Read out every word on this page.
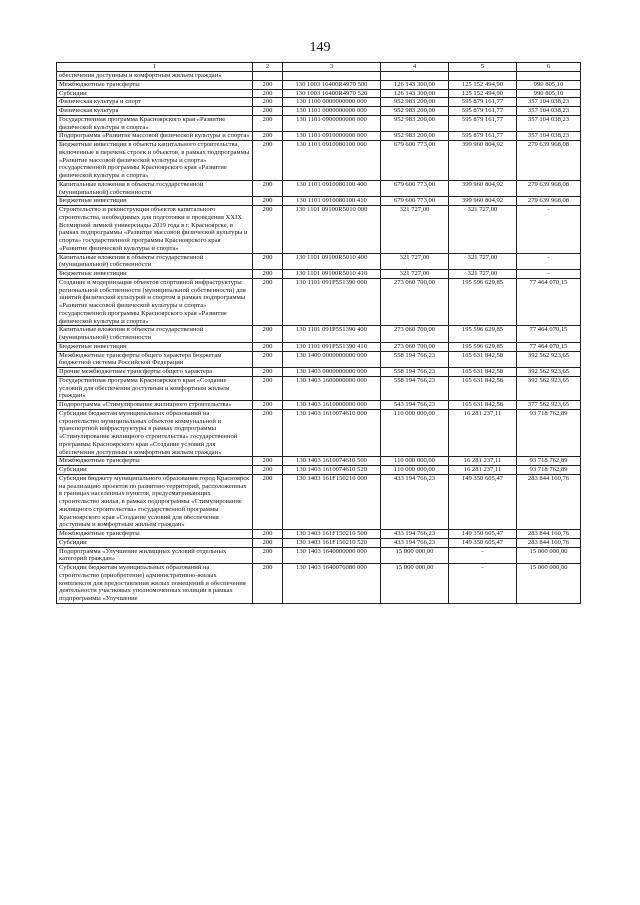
149
1	2	3	4	5	6
обеспечения доступным и комфортным жильем граждан»					
Межбюджетные трансферты	200	130 1003 16400R4970 500	126 143 300,00	125 152 494,90	990 805,10
Субсидии	200	130 1003 16400R4970 520	126 143 300,00	125 152 494,90	990 805,10
Физическая культура и спорт	200	130 1100 0000000000 000	952 983 200,00	595 879 161,77	357 104 038,23
Физическая культура	200	130 1101 0000000000 000	952 983 200,00	595 879 161,77	357 104 038,23
Государственная программа Красноярского края «Развитие физической культуры и спорта»	200	130 1101 0900000000 000	952 983 200,00	595 879 161,77	357 104 038,23
Подпрограмма «Развитие массовой физической культуры и спорта»	200	130 1101 0910000000 000	952 983 200,00	595 879 161,77	357 104 038,23
Бюджетные инвестиции в объекты капитального строительства, включенные в перечень строек и объектов, в рамках подпрограммы «Развитие массовой физической культуры и спорта» государственной программы Красноярского края «Развитие физической культуры и спорта»	200	130 1101 0910080100 000	679 600 773,00	399 960 804,92	279 639 968,08
Капитальные вложения в объекты государственной (муниципальной) собственности	200	130 1101 0910080100 400	679 600 773,00	399 960 804,92	279 639 968,08
Бюджетные инвестиции	200	130 1101 0910080100 410	679 600 773,00	399 960 804,92	279 639 968,08
Строительство и реконструкция объектов капитального строительства, необходимых для подготовки и проведения XXIX Всемирной зимней универсиады 2019 года в г. Красноярске, в рамках подпрограммы «Развитие массовой физической культуры и спорта» государственной программы Красноярского края «Развитие физической культуры и спорта»	200	130 1101 09100R5010 000	321 727,00	321 727,00	-
Капитальные вложения в объекты государственной (муниципальной) собственности	200	130 1101 09100R5010 400	321 727,00	321 727,00	-
Бюджетные инвестиции	200	130 1101 09100R5010 410	321 727,00	321 727,00	-
Создание и модернизация объектов спортивной инфраструктуры региональной собственности (муниципальной собственности) для занятий физической культурой и спортом в рамках подпрограммы «Развитие массовой физической культуры и спорта» государственной программы Красноярского края «Развитие физической культуры и спорта»	200	130 1101 091P551390 000	273 060 700,00	195 596 629,85	77 464 070,15
Капитальные вложения в объекты государственной (муниципальной) собственности	200	130 1101 091P551390 400	273 060 700,00	195 596 629,85	77 464 070,15
Бюджетные инвестиции	200	130 1101 091P551390 410	273 060 700,00	195 596 629,85	77 464 070,15
Межбюджетные трансферты общего характера бюджетам бюджетной системы Российской Федерации	200	130 1400 0000000000 000	558 194 766,23	165 631 842,58	392 562 923,65
Прочие межбюджетные трансферты общего характера	200	130 1403 0000000000 000	558 194 766,23	165 631 842,58	392 562 923,65
Государственная программа Красноярского края «Создание условий для обеспечения доступным и комфортным жильем граждан»	200	130 1403 1600000000 000	558 194 766,23	165 631 842,58	392 562 923,65
Подпрограмма «Стимулирование жилищного строительства»	200	130 1403 1610000000 000	543 194 766,23	165 631 842,58	377 562 923,65
Субсидии бюджетам муниципальных образований на строительство муниципальных объектов коммунальной и транспортной инфраструктуры в рамках подпрограммы «Стимулирование жилищного строительства» государственной программы Красноярского края «Создание условий для обеспечения доступным и комфортным жильем граждан»	200	130 1403 1610074610 000	110 000 000,00	16 281 237,11	93 718 762,89
Межбюджетные трансферты	200	130 1403 1610074610 500	110 000 000,00	16 281 237,11	93 718 762,89
Субсидии	200	130 1403 1610074610 520	110 000 000,00	16 281 237,11	93 718 762,89
Субсидия бюджету муниципального образования город Красноярск на реализацию проектов по развитию территорий, расположенных в границах населенных пунктов, предусматривающих строительство жилья, в рамках подпрограммы «Стимулирование жилищного строительства» государственной программы Красноярского края «Создание условий для обеспечения доступным и комфортным жильем граждан»	200	130 1403 161F150210 000	433 194 766,23	149 350 605,47	283 844 160,76
Межбюджетные трансферты	200	130 1403 161F150210 500	433 194 766,23	149 350 605,47	283 844 160,76
Субсидии	200	130 1403 161F150210 520	433 194 766,23	149 350 605,47	283 844 160,76
Подпрограмма «Улучшение жилищных условий отдельных категорий граждан»	200	130 1403 1640000000 000	15 000 000,00	-	15 000 000,00
Субсидии бюджетам муниципальных образований на строительство (приобретение) административно-жилых комплексов для предоставления жилых помещений и обеспечения деятельности участковых уполномоченных полиции в рамках подпрограммы «Улучшение	200	130 1403 1640076080 000	15 000 000,00	-	15 000 000,00
